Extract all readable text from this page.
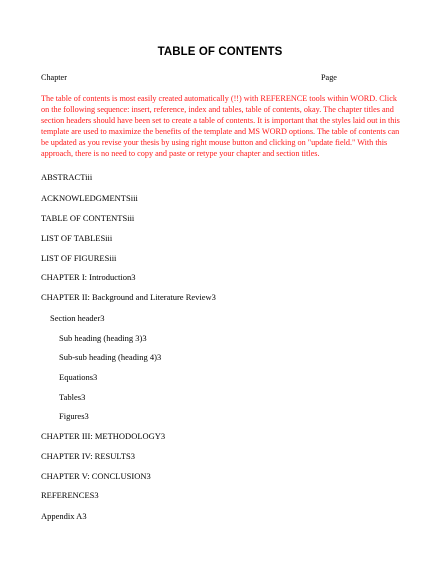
TABLE OF CONTENTS
Chapter	Page
The table of contents is most easily created automatically (!!) with REFERENCE tools within WORD. Click on the following sequence: insert, reference, index and tables, table of contents, okay. The chapter titles and section headers should have been set to create a table of contents. It is important that the styles laid out in this template are used to maximize the benefits of the template and MS WORD options. The table of contents can be updated as you revise your thesis by using right mouse button and clicking on "update field." With this approach, there is no need to copy and paste or retype your chapter and section titles.
ABSTRACTiii
ACKNOWLEDGMENTSiii
TABLE OF CONTENTSiii
LIST OF TABLESiii
LIST OF FIGURESiii
CHAPTER I: Introduction3
CHAPTER II: Background and Literature Review3
Section header3
Sub heading (heading 3)3
Sub-sub heading (heading 4)3
Equations3
Tables3
Figures3
CHAPTER III: METHODOLOGY3
CHAPTER IV: RESULTS3
CHAPTER V: CONCLUSION3
REFERENCES3
Appendix A3
